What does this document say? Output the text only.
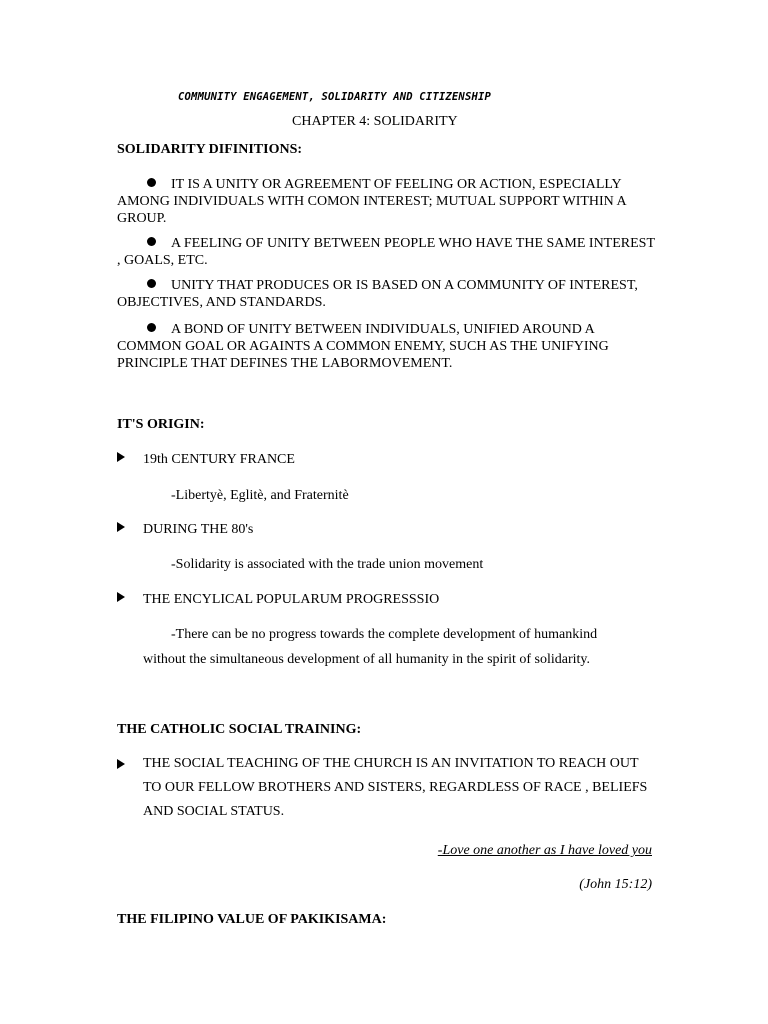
COMMUNITY ENGAGEMENT, SOLIDARITY AND CITIZENSHIP
CHAPTER 4: SOLIDARITY
SOLIDARITY DIFINITIONS:
IT IS A UNITY OR AGREEMENT OF FEELING OR ACTION, ESPECIALLY AMONG INDIVIDUALS WITH COMON INTEREST; MUTUAL SUPPORT WITHIN A GROUP.
A FEELING OF UNITY BETWEEN PEOPLE WHO HAVE THE SAME INTEREST , GOALS, ETC.
UNITY THAT PRODUCES OR IS BASED ON A COMMUNITY OF INTEREST, OBJECTIVES, AND STANDARDS.
A BOND OF UNITY BETWEEN INDIVIDUALS, UNIFIED AROUND A COMMON GOAL OR AGAINTS A COMMON ENEMY, SUCH AS THE UNIFYING PRINCIPLE THAT DEFINES THE LABORMOVEMENT.
IT'S ORIGIN:
19th CENTURY FRANCE
-Libertyè, Eglitè, and Fraternitè
DURING THE 80's
-Solidarity is associated with the trade union movement
THE ENCYLICAL POPULARUM PROGRESSSIO
-There can be no progress towards the complete development of humankind
without the simultaneous development of all humanity in the spirit of solidarity.
THE CATHOLIC SOCIAL TRAINING:
THE SOCIAL TEACHING OF THE CHURCH IS AN INVITATION TO REACH OUT TO OUR FELLOW BROTHERS AND SISTERS, REGARDLESS OF RACE , BELIEFS    AND SOCIAL STATUS.
-Love one another as I have loved you
(John 15:12)
THE FILIPINO VALUE OF PAKIKISAMA:
